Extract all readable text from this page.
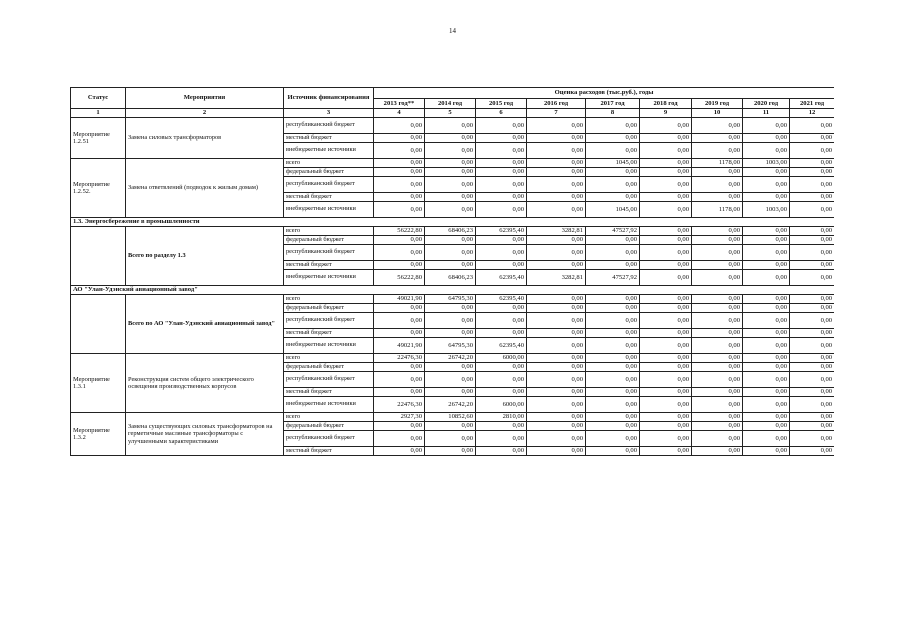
14
Статус	Мероприятия	Источник финансирования	Оценка расходов (тыс.руб.), годы								
			2013 год**	2014 год	2015 год	2016 год	2017 год	2018 год	2019 год	2020 год	2021 год
1	2	3	4	5	6	7	8	9	10	11	12
Мероприятие 1.2.51	Замена силовых трансформаторов	республиканский бюджет	0,00	0,00	0,00	0,00	0,00	0,00	0,00	0,00	0,00
		местный бюджет	0,00	0,00	0,00	0,00	0,00	0,00	0,00	0,00	0,00
		внебюджетные источники	0,00	0,00	0,00	0,00	0,00	0,00	0,00	0,00	0,00
Мероприятие 1.2.52.	Замена ответвлений (подводок к жилым домам)	всего	0,00	0,00	0,00	0,00	1045,00	0,00	1178,00	1003,00	0,00
		федеральный бюджет	0,00	0,00	0,00	0,00	0,00	0,00	0,00	0,00	0,00
		республиканский бюджет	0,00	0,00	0,00	0,00	0,00	0,00	0,00	0,00	0,00
		местный бюджет	0,00	0,00	0,00	0,00	0,00	0,00	0,00	0,00	0,00
		внебюджетные источники	0,00	0,00	0,00	0,00	1045,00	0,00	1178,00	1003,00	0,00
1.3. Энергосбережение в промышленности											
	Всего по разделу 1.3	всего	56222,80	68406,23	62395,40	3282,81	47527,92	0,00	0,00	0,00	0,00
		федеральный бюджет	0,00	0,00	0,00	0,00	0,00	0,00	0,00	0,00	0,00
		республиканский бюджет	0,00	0,00	0,00	0,00	0,00	0,00	0,00	0,00	0,00
		местный бюджет	0,00	0,00	0,00	0,00	0,00	0,00	0,00	0,00	0,00
		внебюджетные источники	56222,80	68406,23	62395,40	3282,81	47527,92	0,00	0,00	0,00	0,00
АО "Улан-Удэнский авиационный завод"											
	Всего по АО "Улан-Удэнский авиационный завод"	всего	49021,90	64795,30	62395,40	0,00	0,00	0,00	0,00	0,00	0,00
		федеральный бюджет	0,00	0,00	0,00	0,00	0,00	0,00	0,00	0,00	0,00
		республиканский бюджет	0,00	0,00	0,00	0,00	0,00	0,00	0,00	0,00	0,00
		местный бюджет	0,00	0,00	0,00	0,00	0,00	0,00	0,00	0,00	0,00
		внебюджетные источники	49021,90	64795,30	62395,40	0,00	0,00	0,00	0,00	0,00	0,00
Мероприятие 1.3.1	Реконструкция систем общего электрического освещения производственных корпусов	всего	22476,30	26742,20	6000,00	0,00	0,00	0,00	0,00	0,00	0,00
		федеральный бюджет	0,00	0,00	0,00	0,00	0,00	0,00	0,00	0,00	0,00
		республиканский бюджет	0,00	0,00	0,00	0,00	0,00	0,00	0,00	0,00	0,00
		местный бюджет	0,00	0,00	0,00	0,00	0,00	0,00	0,00	0,00	0,00
		внебюджетные источники	22476,30	26742,20	6000,00	0,00	0,00	0,00	0,00	0,00	0,00
Мероприятие 1.3.2	Замена существующих силовых трансформаторов на герметичные масляные трансформаторы с улучшенными характеристиками	всего	2927,30	10852,60	2810,00	0,00	0,00	0,00	0,00	0,00	0,00
		федеральный бюджет	0,00	0,00	0,00	0,00	0,00	0,00	0,00	0,00	0,00
		республиканский бюджет	0,00	0,00	0,00	0,00	0,00	0,00	0,00	0,00	0,00
		местный бюджет	0,00	0,00	0,00	0,00	0,00	0,00	0,00	0,00	0,00
